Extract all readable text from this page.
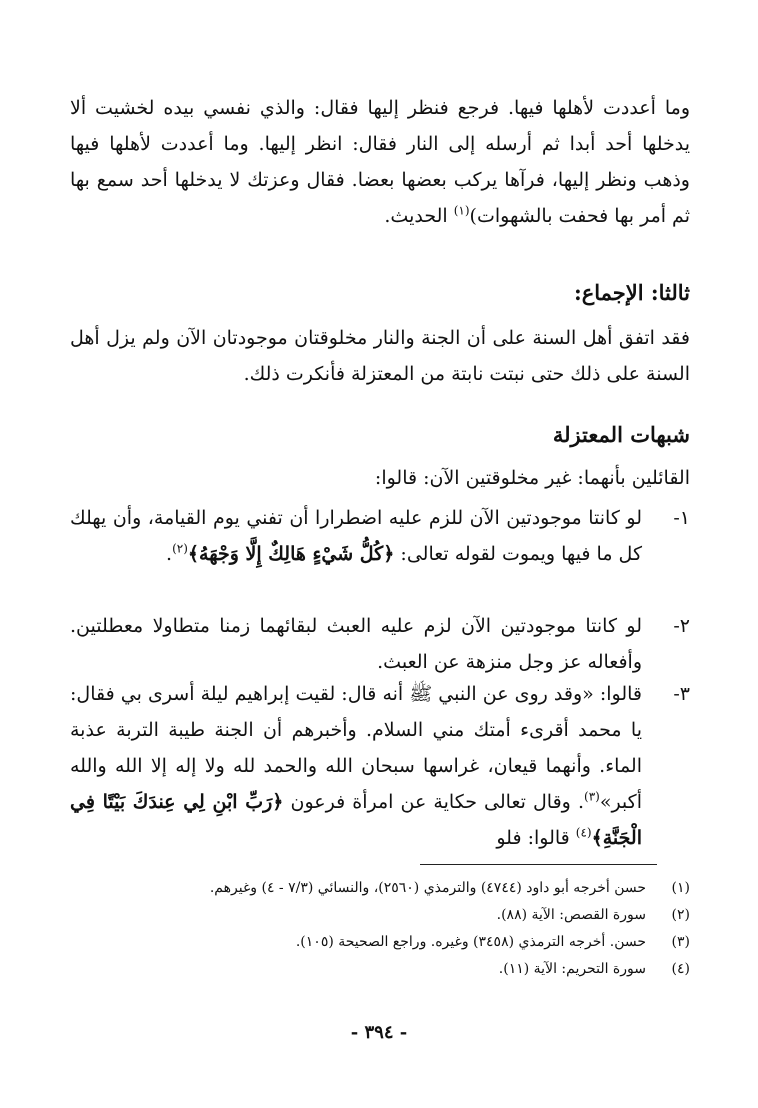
وما أعددت لأهلها فيها. فرجع فنظر إليها فقال: والذي نفسي بيده لخشيت ألا يدخلها أحد أبدا ثم أرسله إلى النار فقال: انظر إليها. وما أعددت لأهلها فيها وذهب ونظر إليها، فرآها يركب بعضها بعضا. فقال وعزتك لا يدخلها أحد سمع بها ثم أمر بها فحفت بالشهوات)$^{(١)}$ الحديث.
ثالثا: الإجماع:
فقد اتفق أهل السنة على أن الجنة والنار مخلوقتان موجودتان الآن ولم يزل أهل السنة على ذلك حتى نبتت نابتة من المعتزلة فأنكرت ذلك.
شبهات المعتزلة
القائلين بأنهما: غير مخلوقتين الآن: قالوا:
١-
لو كانتا موجودتين الآن للزم عليه اضطرارا أن تفني يوم القيامة، وأن يهلك كل ما فيها ويموت لقوله تعالى: ﴿كُلُّ شَيْءٍ هَالِكٌ إِلَّا وَجْهَهُ﴾$^{(٢)}$.
٢-
لو كانتا موجودتين الآن لزم عليه العبث لبقائهما زمنا متطاولا معطلتين. وأفعاله عز وجل منزهة عن العبث.
٣-
قالوا: «وقد روى عن النبي ﷺ أنه قال: لقيت إبراهيم ليلة أسرى بي فقال: يا محمد أقرىء أمتك مني السلام. وأخبرهم أن الجنة طيبة التربة عذبة الماء. وأنهما قيعان، غراسها سبحان الله والحمد لله ولا إله إلا الله والله أكبر»$^{(٣)}$. وقال تعالى حكاية عن امرأة فرعون ﴿رَبِّ ابْنِ لِي عِندَكَ بَيْتًا فِي الْجَنَّةِ﴾$^{(٤)}$ قالوا: فلو
(١)حسن أخرجه أبو داود (٤٧٤٤) والترمذي (٢٥٦٠)، والنسائي (٧/٣ - ٤) وغيرهم.
(٢)سورة القصص: الآية (٨٨).
(٣)حسن. أخرجه الترمذي (٣٤٥٨) وغيره. وراجع الصحيحة (١٠٥).
(٤)سورة التحريم: الآية (١١).
- ٣٩٤ -
